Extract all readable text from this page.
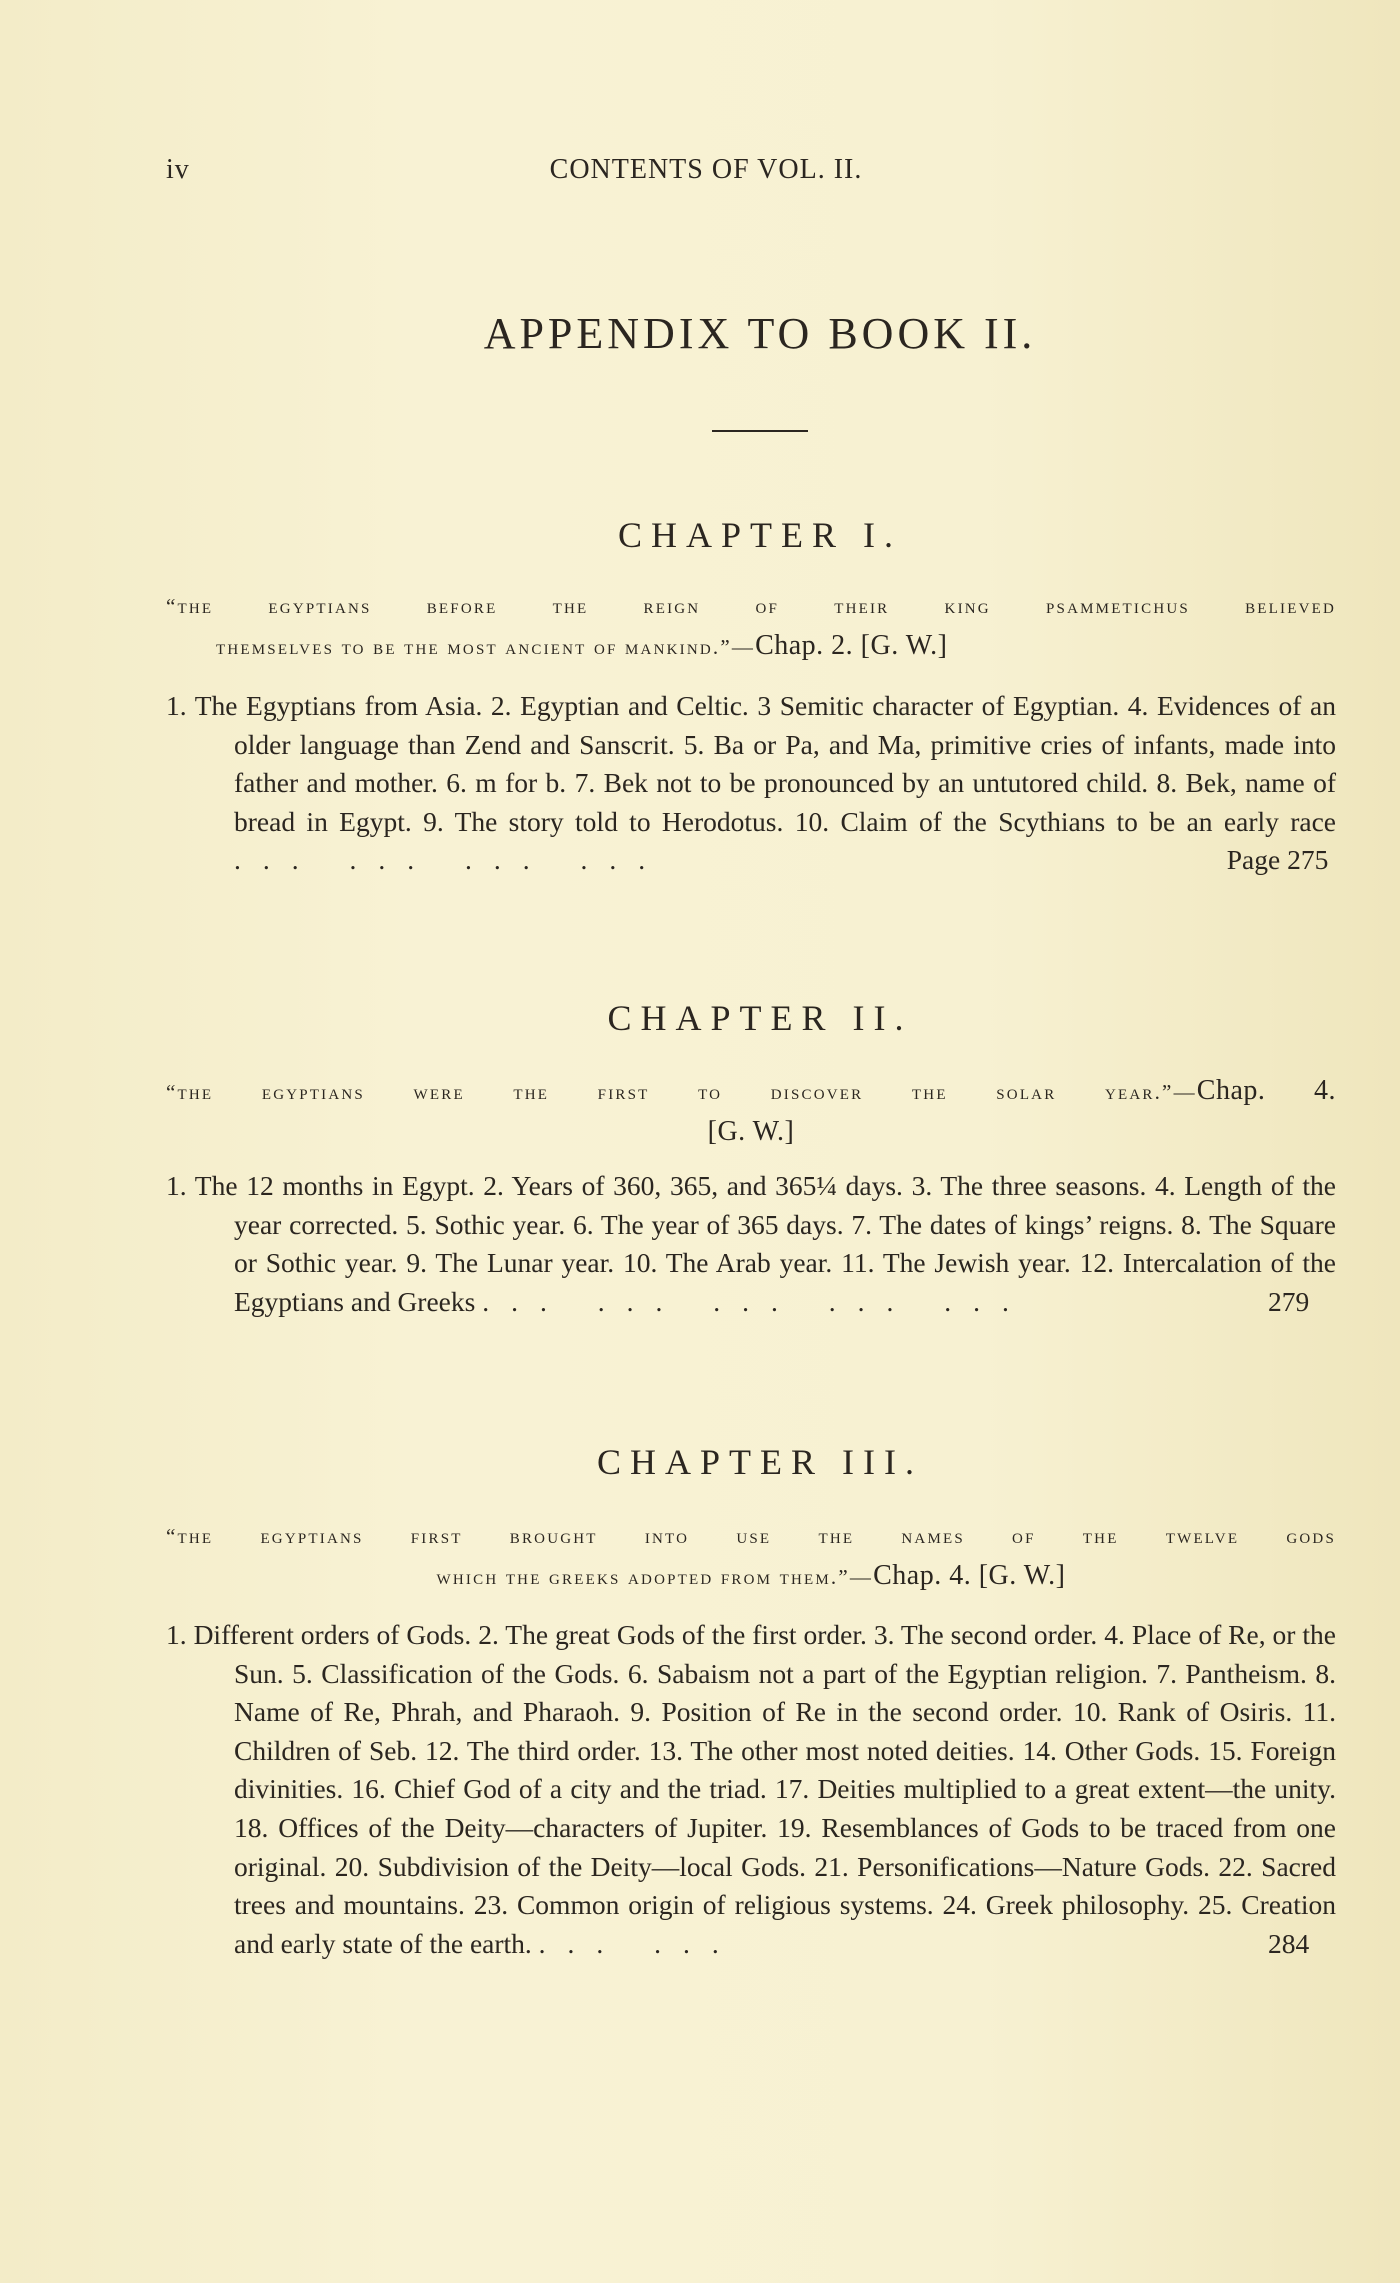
iv	CONTENTS OF VOL. II.
APPENDIX TO BOOK II.
CHAPTER I.
“the egyptians before the reign of their king psammetichus believed
themselves to be the most ancient of mankind.”—Chap. 2. [G. W.]
1. The Egyptians from Asia. 2. Egyptian and Celtic. 3 Semitic character of Egyptian. 4. Evidences of an older language than Zend and Sanscrit. 5. Ba or Pa, and Ma, primitive cries of infants, made into father and mother. 6. m for b. 7. Bek not to be pronounced by an untutored child. 8. Bek, name of bread in Egypt. 9. The story told to Herodotus. 10. Claim of the Scythians to be an early race ... ... ... ...	Page 275
CHAPTER II.
“the egyptians were the first to discover the solar year.”—Chap. 4.
[G. W.]
1. The 12 months in Egypt. 2. Years of 360, 365, and 365¼ days. 3. The three seasons. 4. Length of the year corrected. 5. Sothic year. 6. The year of 365 days. 7. The dates of kings’ reigns. 8. The Square or Sothic year. 9. The Lunar year. 10. The Arab year. 11. The Jewish year. 12. Intercalation of the Egyptians and Greeks ... ... ... ... ...	279
CHAPTER III.
“the egyptians first brought into use the names of the twelve gods
which the greeks adopted from them.”—Chap. 4. [G. W.]
1. Different orders of Gods. 2. The great Gods of the first order. 3. The second order. 4. Place of Re, or the Sun. 5. Classification of the Gods. 6. Sabaism not a part of the Egyptian religion. 7. Pantheism. 8. Name of Re, Phrah, and Pharaoh. 9. Position of Re in the second order. 10. Rank of Osiris. 11. Children of Seb. 12. The third order. 13. The other most noted deities. 14. Other Gods. 15. Foreign divinities. 16. Chief God of a city and the triad. 17. Deities multiplied to a great extent—the unity. 18. Offices of the Deity—characters of Jupiter. 19. Resemblances of Gods to be traced from one original. 20. Subdivision of the Deity—local Gods. 21. Personifications—Nature Gods. 22. Sacred trees and mountains. 23. Common origin of religious systems. 24. Greek philosophy. 25. Creation and early state of the earth. ... ...	284
